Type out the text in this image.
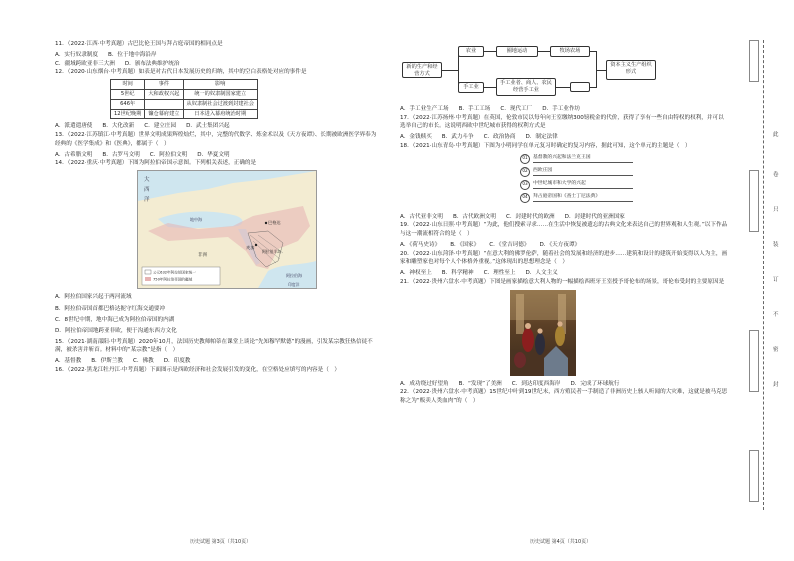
11．（2022·江西·中考真题）古巴比伦王国与拜占庭帝国的相同点是

A．实行奴隶制度 B．位于地中海沿岸
C．疆域跨欧亚非三大洲 D．颁布法典维护统治

12．（2020·山东烟台·中考真题）如表是对古代日本发展历史的归纳，其中的空白表格处对应的事件是

时间	事件	影响
5世纪	大和政权兴起	统一的奴隶制国家建立
646年		从奴隶制社会过渡到封建社会
12世纪晚期	镰仓幕府建立	日本进入幕府统治时期
A．派遣遣唐使 B．大化改新 C．建立庄园 D．武士集团兴起

13．（2022·江苏镇江·中考真题）世界文明成果辉煌灿烂，其中，完整的代数学、炼金术以及《天方夜谭》、长期被欧洲医学界奉为经典的《医学集成》和《医典》，都属于（　）

A．古希腊文明 B．古罗马文明 C．阿拉伯文明 D．华夏文明

14．（2022·重庆·中考真题）下图为阿拉伯帝国示意图。下列相关表述，正确的是

大
西
洋
巴格达
麦加
阿拉伯半岛
阿拉伯海
地中海
非洲
印度洋
公元632年阿拉伯国家统一
750年阿拉伯帝国的疆域

A．阿拉伯国家兴起于两河流域

B．阿拉伯帝国首都巴格达扼守红海交通要冲

C．8世纪中期，地中海已成为阿拉伯帝国的内湖

D．阿拉伯帝国地跨亚非欧，便于沟通东西方文化

15．（2021·湖南邵阳·中考真题）2020年10月，法国历史教师帕蒂在课堂上谈论“先知穆罕默德”的漫画，引发某宗教狂热信徒不满，被杀害并斩首。材料中的“某宗教”是指（　）

A．基督教 B．伊斯兰教 C．佛教 D．印度教

16．（2022·黑龙江牡丹江·中考真题）下面图示是西欧经济和社会发展引发的变化，在空格处应填写的内容是（　）

农业	圈地运动	牧场农场
新的生产和经营方式
手工业
手工业者、商人、农民经营手工业
资本主义生产组织形式
A．手工业生产工场 B．手工工场 C．现代工厂 D．手工业作坊

17．（2022·江苏扬州·中考真题）在英国，伦敦市民以每年向王室缴纳300镑税金的代价，获得了享有一些自由特权的权利，并可以选举自己的市长。这说明西欧中世纪城市获得的权利方式是

A．金钱赎买 B．武力斗争 C．政治协商 D．制定法律

18．（2021·山东青岛·中考真题）下图为小明同学在单元复习时确定的复习内容，据此可知，这个单元的主题是（　）

01	基督教的兴起和法兰克王国
02	西欧庄园
03	中世纪城市和大学的兴起
04	拜占庭帝国和《查士丁尼法典》
A．古代亚非文明 B．古代欧洲文明 C．封建时代的欧洲 D．封建时代的亚洲国家

19．（2022·山东日照·中考真题）“为此，他们搜索寻求……在生活中恢复被遗忘的古典文化来表达自己的世界观和人生观。”以下作品与这一潮流相符合的是（　）

A．《荷马史诗》 B．《国家》 C．《堂吉诃德》 D．《天方夜谭》

20．（2022·山东菏泽·中考真题）“在意大利的佛罗伦萨，随着社会的发展和经济的进步……建筑和设计的建筑开始变得以人为主，画家和雕塑家也对每个人个体格外重视。”这体现出的思想理念是（　）

A．神权至上 B．科学精神 C．理性至上 D．人文主义

21．（2022·贵州六盘水·中考真题）下图是画家描绘意大利人物的一幅描绘西班牙王室授予哥伦布的场景，哥伦布受封的主要原因是

A．成功绕过好望角 B．“发现”了美洲 C．到达印度西海岸 D．完成了环球航行

22．（2022·贵州六盘水·中考真题）15世纪中叶到19世纪末，西方殖民者一手制造了非洲历史上骇人听闻的大灾难，这就是被马克思称之为“贩卖人类血肉”的（　）

历史试题 第3页（共10页）	历史试题 第4页（共10页）
此
卷
只
装
订
不
密
封
